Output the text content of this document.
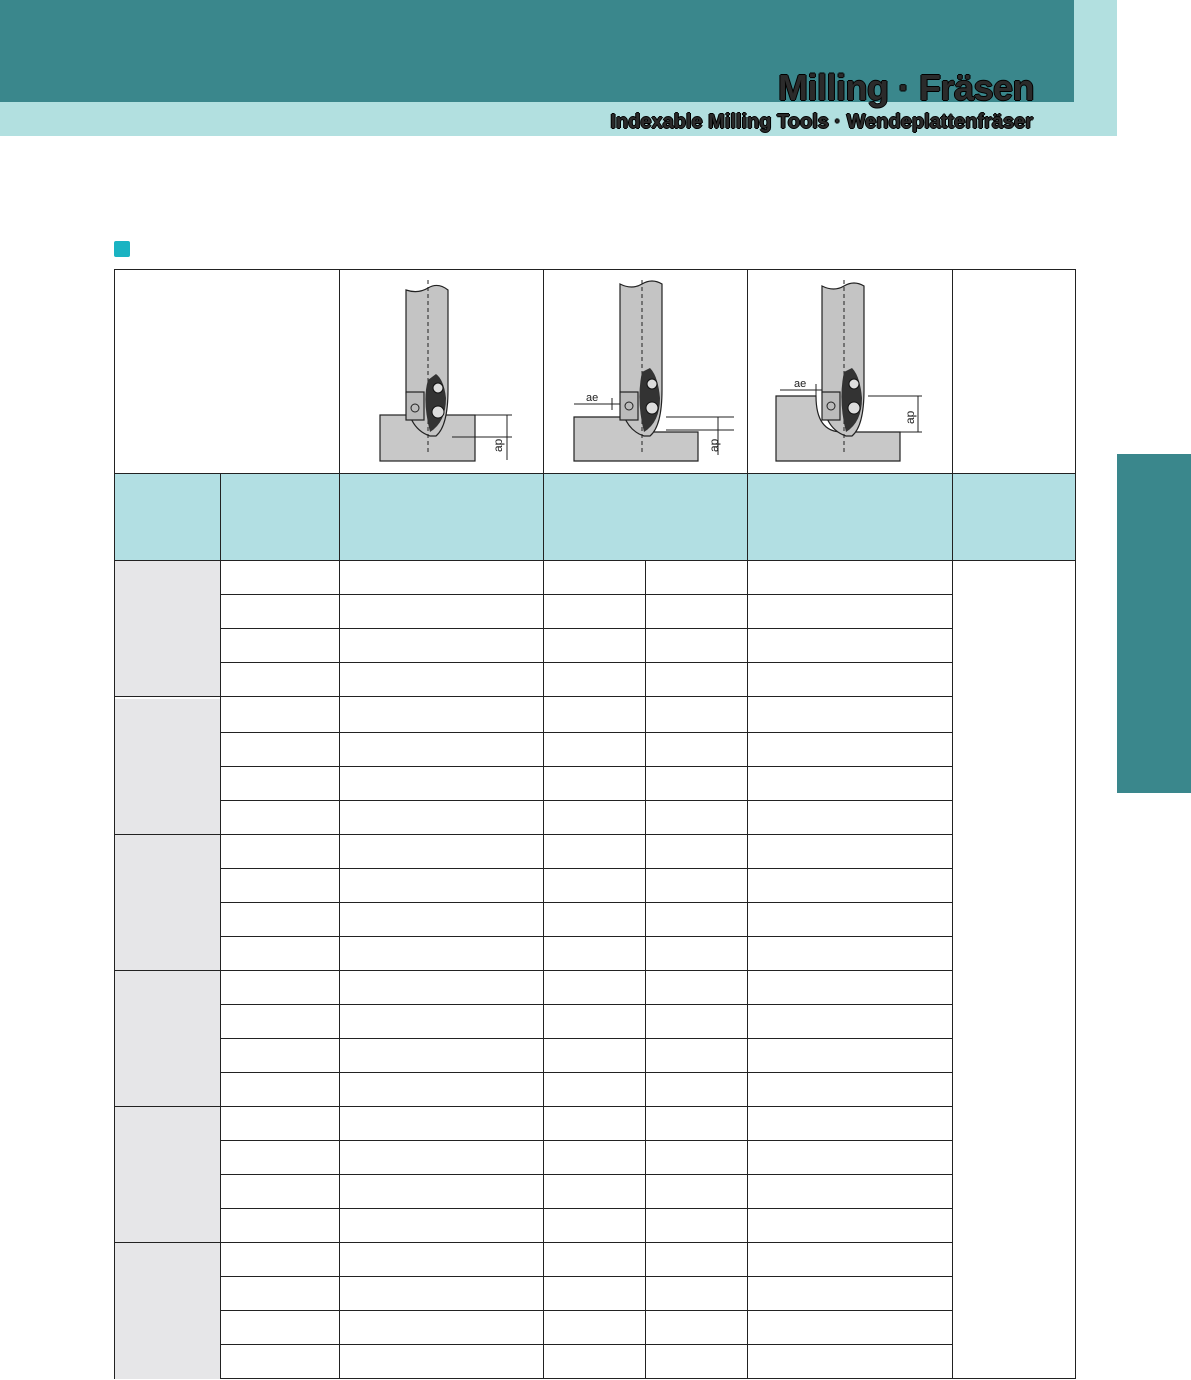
Milling · Fräsen
Indexable Milling Tools · Wendeplattenfräser
ap
ae
ap
ae
ap
